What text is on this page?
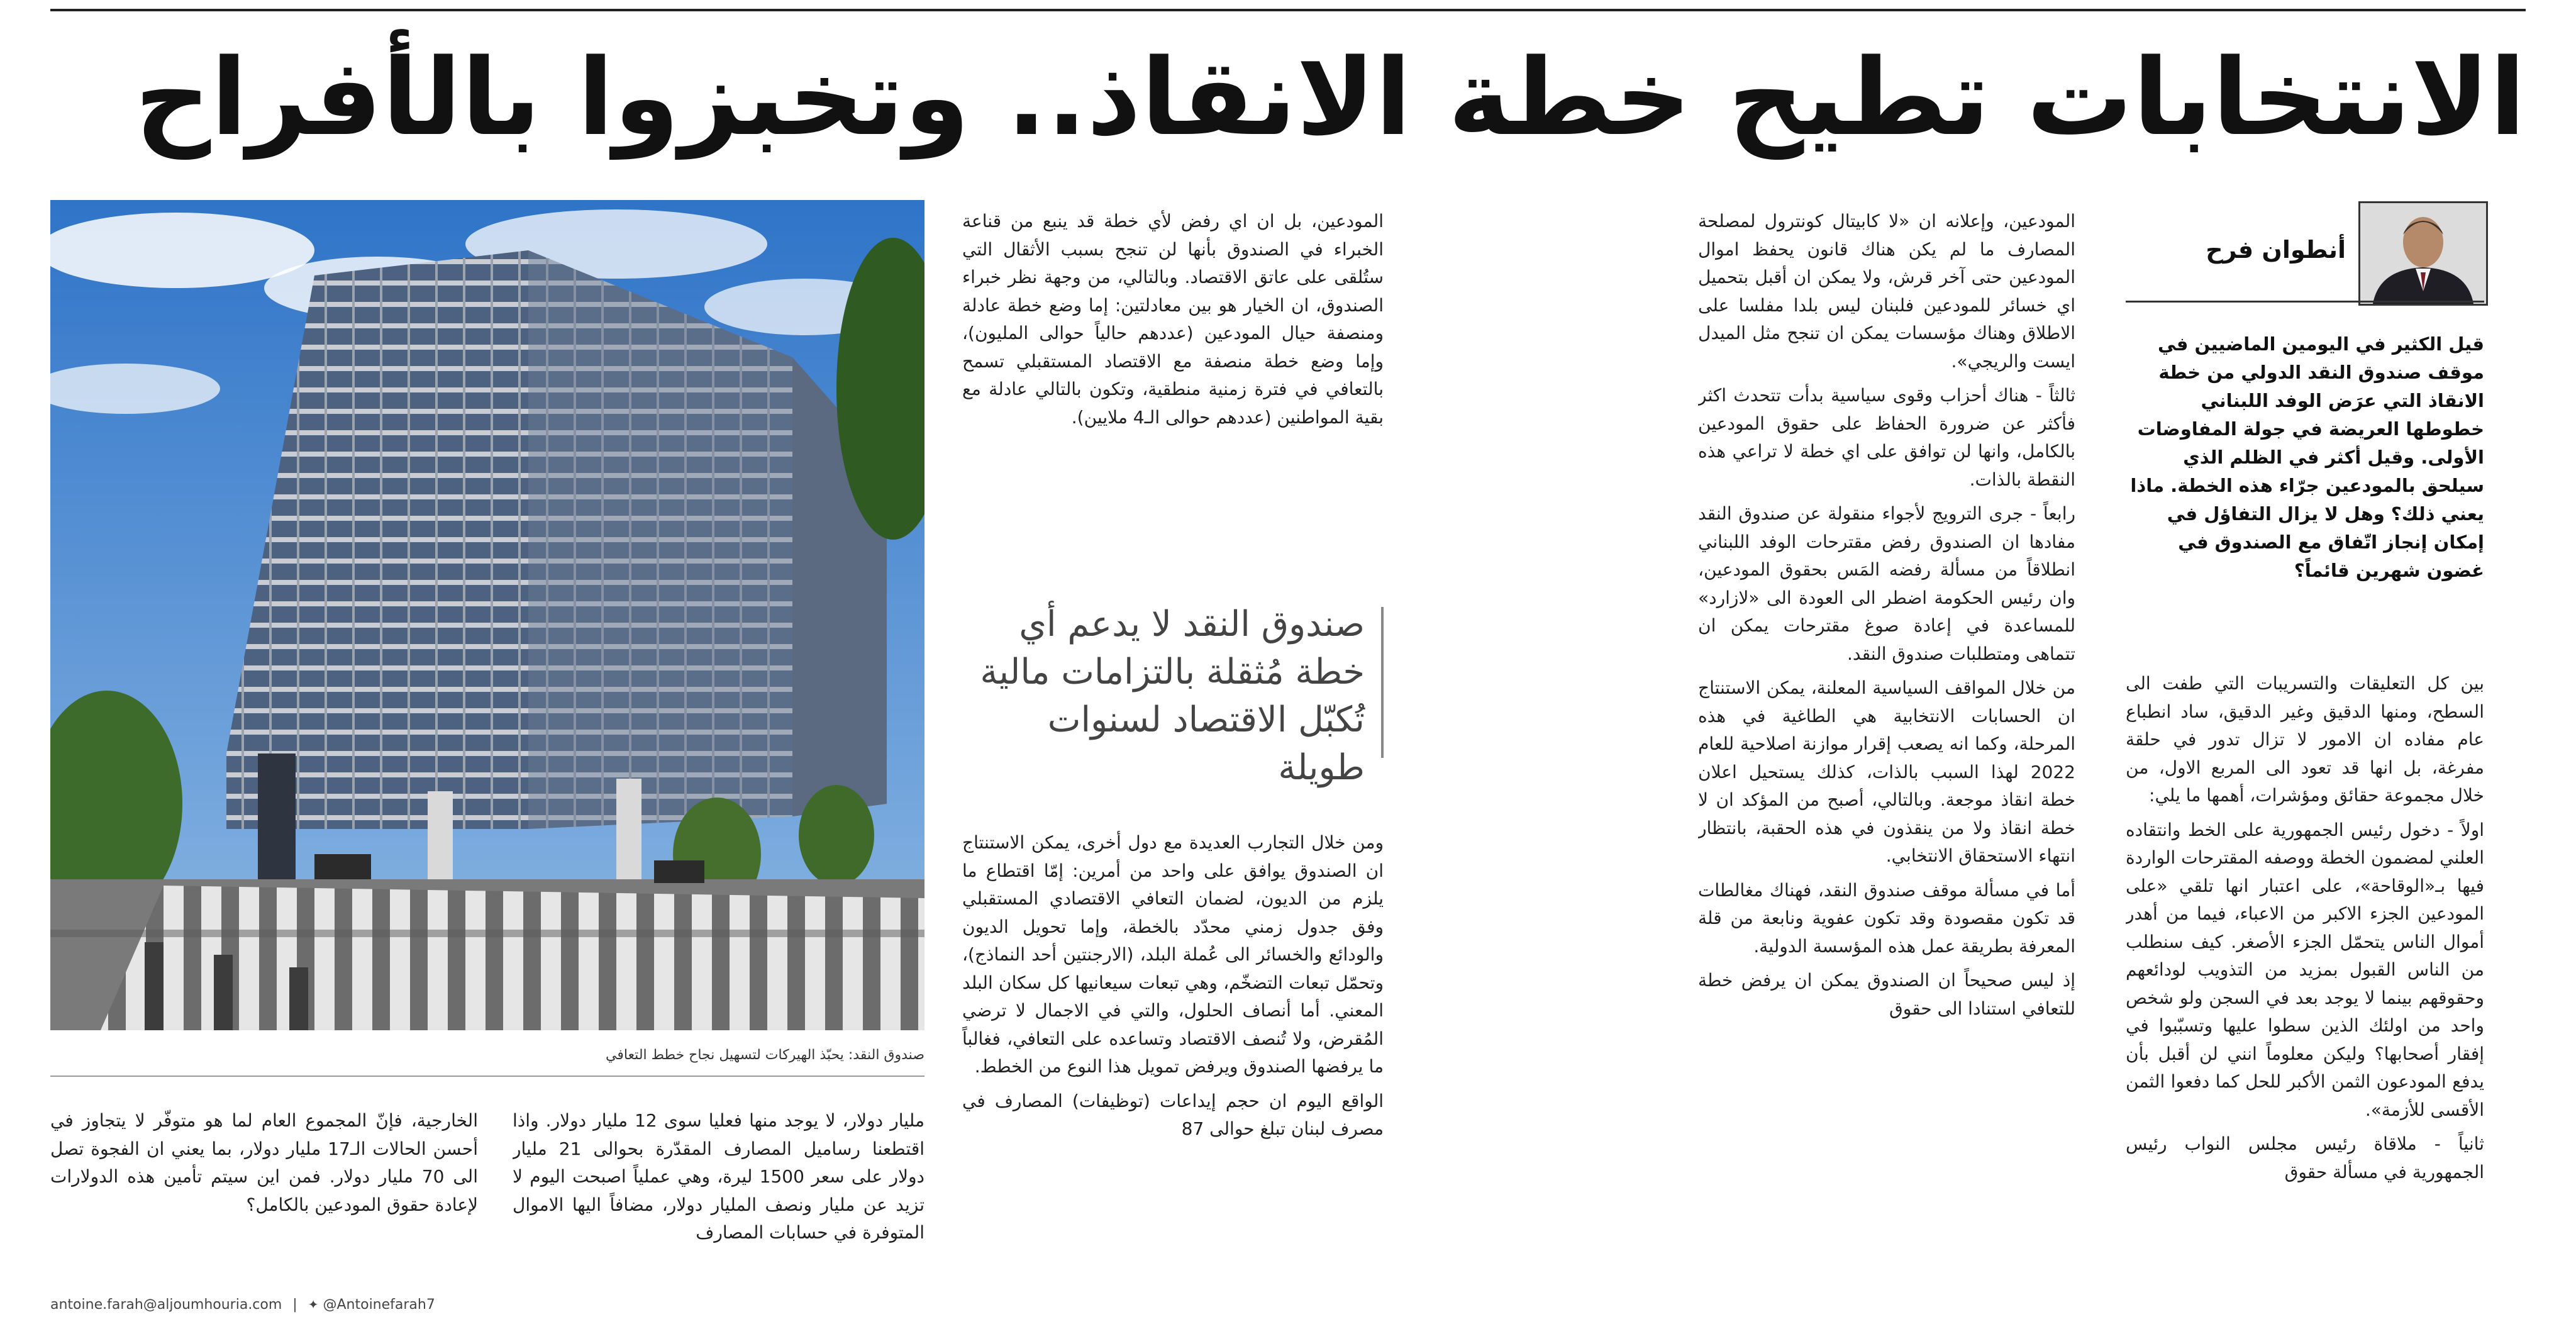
الانتخابات تطيح خطة الانقاذ.. وتخبزوا بالأفراح
أنطوان فرح
قيل الكثير في اليومين الماضيين في موقف صندوق النقد الدولي من خطة الانقاذ التي عرَض الوفد اللبناني خطوطها العريضة في جولة المفاوضات الأولى. وقيل أكثر في الظلم الذي سيلحق بالمودعين جرّاء هذه الخطة. ماذا يعني ذلك؟ وهل لا يزال التفاؤل في إمكان إنجاز اتّفاق مع الصندوق في غضون شهرين قائماً؟

بين كل التعليقات والتسريبات التي طفت الى السطح، ومنها الدقيق وغير الدقيق، ساد انطباع عام مفاده ان الامور لا تزال تدور في حلقة مفرغة، بل انها قد تعود الى المربع الاول، من خلال مجموعة حقائق ومؤشرات، أهمها ما يلي:

اولاً - دخول رئيس الجمهورية على الخط وانتقاده العلني لمضمون الخطة ووصفه المقترحات الواردة فيها بـ«الوقاحة»، على اعتبار انها تلقي «على المودعين الجزء الاكبر من الاعباء، فيما من أهدر أموال الناس يتحمّل الجزء الأصغر. كيف سنطلب من الناس القبول بمزيد من التذويب لودائعهم وحقوقهم بينما لا يوجد بعد في السجن ولو شخص واحد من اولئك الذين سطوا عليها وتسبّبوا في إفقار أصحابها؟ وليكن معلوماً انني لن أقبل بأن يدفع المودعون الثمن الأكبر للحل كما دفعوا الثمن الأقسى للأزمة».

ثانياً - ملاقاة رئيس مجلس النواب رئيس الجمهورية في مسألة حقوق

المودعين، وإعلانه ان «لا كابيتال كونترول لمصلحة المصارف ما لم يكن هناك قانون يحفظ اموال المودعين حتى آخر قرش، ولا يمكن ان أقبل بتحميل اي خسائر للمودعين فلبنان ليس بلدا مفلسا على الاطلاق وهناك مؤسسات يمكن ان تنجح مثل الميدل ايست والريجي».

ثالثاً - هناك أحزاب وقوى سياسية بدأت تتحدث اكثر فأكثر عن ضرورة الحفاظ على حقوق المودعين بالكامل، وانها لن توافق على اي خطة لا تراعي هذه النقطة بالذات.

رابعاً - جرى الترويج لأجواء منقولة عن صندوق النقد مفادها ان الصندوق رفض مقترحات الوفد اللبناني انطلاقاً من مسألة رفضه المَس بحقوق المودعين، وان رئيس الحكومة اضطر الى العودة الى «لازارد» للمساعدة في إعادة صوغ مقترحات يمكن ان تتماهى ومتطلبات صندوق النقد.

من خلال المواقف السياسية المعلنة، يمكن الاستنتاج ان الحسابات الانتخابية هي الطاغية في هذه المرحلة، وكما انه يصعب إقرار موازنة اصلاحية للعام 2022 لهذا السبب بالذات، كذلك يستحيل اعلان خطة انقاذ موجعة. وبالتالي، أصبح من المؤكد ان لا خطة انقاذ ولا من ينقذون في هذه الحقبة، بانتظار انتهاء الاستحقاق الانتخابي.

أما في مسألة موقف صندوق النقد، فهناك مغالطات قد تكون مقصودة وقد تكون عفوية ونابعة من قلة المعرفة بطريقة عمل هذه المؤسسة الدولية.

إذ ليس صحيحاً ان الصندوق يمكن ان يرفض خطة للتعافي استنادا الى حقوق

المودعين، بل ان اي رفض لأي خطة قد ينبع من قناعة الخبراء في الصندوق بأنها لن تنجح بسبب الأثقال التي ستُلقى على عاتق الاقتصاد. وبالتالي، من وجهة نظر خبراء الصندوق، ان الخيار هو بين معادلتين: إما وضع خطة عادلة ومنصفة حيال المودعين (عددهم حالياً حوالى المليون)، وإما وضع خطة منصفة مع الاقتصاد المستقبلي تسمح بالتعافي في فترة زمنية منطقية، وتكون بالتالي عادلة مع بقية المواطنين (عددهم حوالى الـ4 ملايين).

صندوق النقد لا يدعم أي خطة مُثقلة بالتزامات مالية تُكبّل الاقتصاد لسنوات طويلة

ومن خلال التجارب العديدة مع دول أخرى، يمكن الاستنتاج ان الصندوق يوافق على واحد من أمرين: إمّا اقتطاع ما يلزم من الديون، لضمان التعافي الاقتصادي المستقبلي وفق جدول زمني محدّد بالخطة، وإما تحويل الديون والودائع والخسائر الى عُملة البلد، (الارجنتين أحد النماذج)، وتحمّل تبعات التضخّم، وهي تبعات سيعانيها كل سكان البلد المعني. أما أنصاف الحلول، والتي في الاجمال لا ترضي المُقرض، ولا تُنصف الاقتصاد وتساعده على التعافي، فغالباً ما يرفضها الصندوق ويرفض تمويل هذا النوع من الخطط.

الواقع اليوم ان حجم إيداعات (توظيفات) المصارف في مصرف لبنان تبلغ حوالى 87

صندوق النقد: يحبّذ الهيركات لتسهيل نجاح خطط التعافي

مليار دولار، لا يوجد منها فعليا سوى 12 مليار دولار. واذا اقتطعنا رساميل المصارف المقدّرة بحوالى 21 مليار دولار على سعر 1500 ليرة، وهي عملياً اصبحت اليوم لا تزيد عن مليار ونصف المليار دولار، مضافاً اليها الاموال المتوفرة في حسابات المصارف

الخارجية، فإنّ المجموع العام لما هو متوفّر لا يتجاوز في أحسن الحالات الـ17 مليار دولار، بما يعني ان الفجوة تصل الى 70 مليار دولار. فمن اين سيتم تأمين هذه الدولارات لإعادة حقوق المودعين بالكامل؟

antoine.farah@aljoumhouria.com | ✦ @Antoinefarah7
